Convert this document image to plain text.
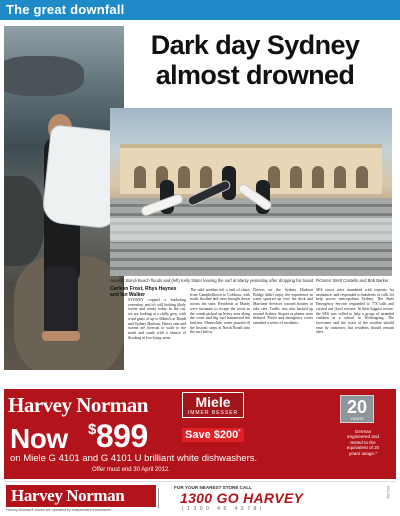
The great downfall
Dark day Sydney
almost drowned
Awash: Bondi Beach floods and (left) Kelly Slater leaving the surf at Manly yesterday after dropping his board. Pictures: Brett Costello and Bob Barker
Carleen Frost, Rhys Haynes
and Ian Walker
SYDNEY copped a bucketing yesterday, and it's still looking likely wetter and windy today. In the city we are looking at a chilly grey, with wind gusts of up to 60km/h at Bondi and Sydney Harbour. Heavy rain and storms are forecast to work to the north and south with a chance of flooding in low-lying areas.
The wild weather left a trail of chaos from Campbelltown to Cobbora, with roads flooded and trees brought down across the state. Residents at Manly were fortunate to escape the worst as the winds picked up heavy seas along the coast and big surf hammered the beaches. Meanwhile, water poured off the historic steps at North Bondi into the surf below.
Drivers on the Sydney Harbour Bridge didn't enjoy the experience as water sprayed up over the deck and Maritime Services warned boaters to take care. Traffic was also backed up around Sydney Airport as planes were delayed. Police and emergency crews attended a series of incidents.
SES crews were inundated with requests for assistance, and responded to hundreds of calls for help across metropolitan Sydney. The State Emergency Service responded to 778 calls and carried out flood rescues. In their biggest rescue, the SES was called to help a group of stranded children at a school at Wollongong. The forecaster said the worst of the weather should ease by tomorrow but residents should remain alert.
Harvey Norman	Miele
IMMER BESSER
Now $899	Save $200*
on Miele G 4101 and G 4101 U brilliant white dishwashers.
Offer must end 30 April 2012.
20
YEARS
German
engineered and
tested to the
equivalent of 20
years usage.*
Harvey Norman
Harvey Norman® stores are operated by independent franchisees.
FOR YOUR NEAREST STORE CALL
1300 GO HARVEY
(1300 46 4278)
HN1234
